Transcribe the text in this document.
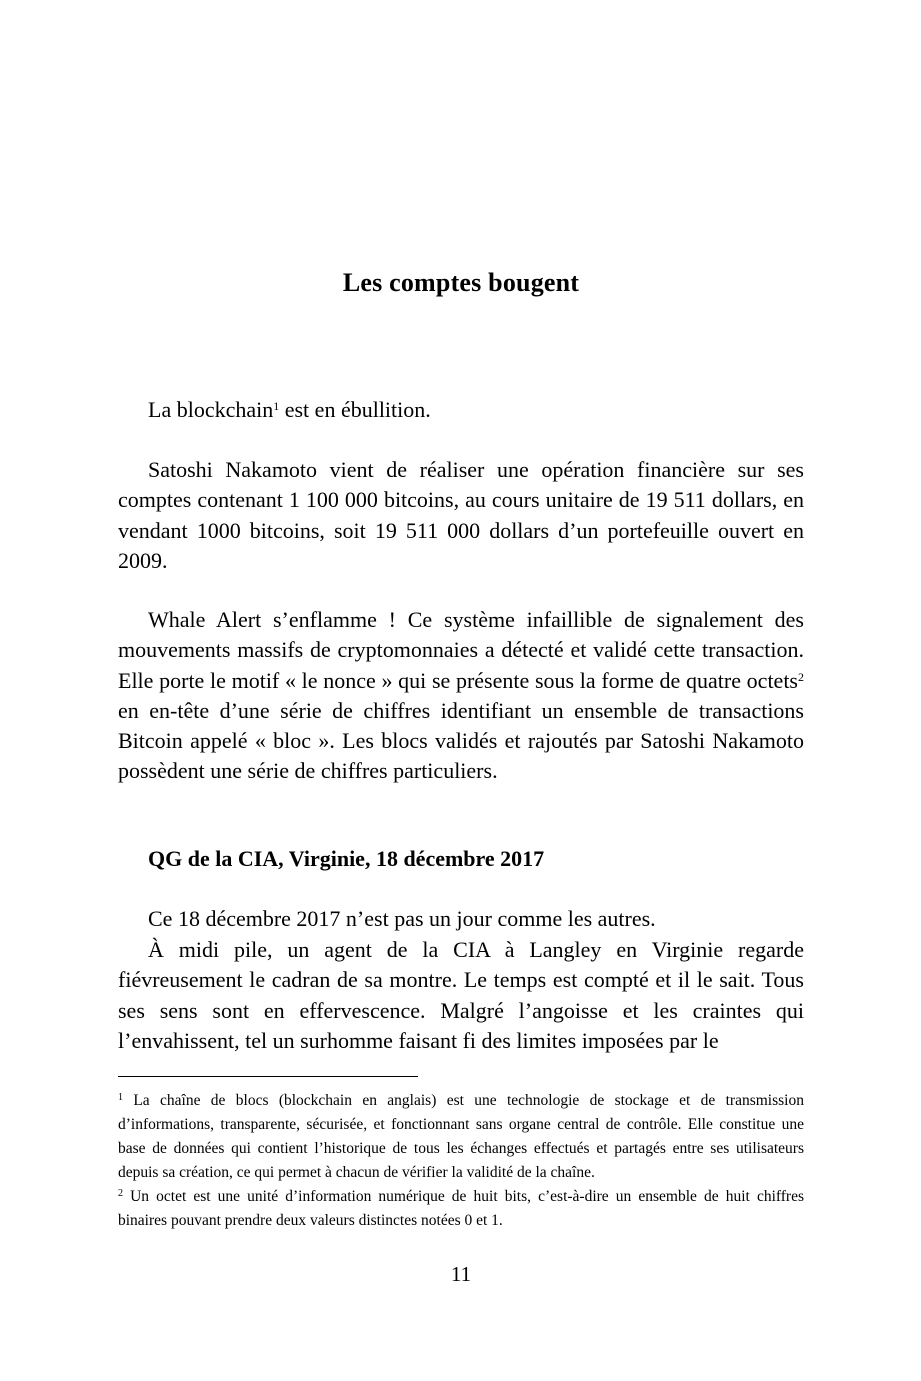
Les comptes bougent

La blockchain$^1$ est en ébullition.

Satoshi Nakamoto vient de réaliser une opération financière sur ses comptes contenant 1 100 000 bitcoins, au cours unitaire de 19 511 dollars, en vendant 1000 bitcoins, soit 19 511 000 dollars d’un portefeuille ouvert en 2009.

Whale Alert s’enflamme ! Ce système infaillible de signalement des mouvements massifs de cryptomonnaies a détecté et validé cette transaction. Elle porte le motif « le nonce » qui se présente sous la forme de quatre octets$^2$ en en-tête d’une série de chiffres identifiant un ensemble de transactions Bitcoin appelé « bloc ». Les blocs validés et rajoutés par Satoshi Nakamoto possèdent une série de chiffres particuliers.

QG de la CIA, Virginie, 18 décembre 2017

Ce 18 décembre 2017 n’est pas un jour comme les autres.

À midi pile, un agent de la CIA à Langley en Virginie regarde fiévreusement le cadran de sa montre. Le temps est compté et il le sait. Tous ses sens sont en effervescence. Malgré l’angoisse et les craintes qui l’envahissent, tel un surhomme faisant fi des limites imposées par le

$^1$ La chaîne de blocs (blockchain en anglais) est une technologie de stockage et de transmission d’informations, transparente, sécurisée, et fonctionnant sans organe central de contrôle. Elle constitue une base de données qui contient l’historique de tous les échanges effectués et partagés entre ses utilisateurs depuis sa création, ce qui permet à chacun de vérifier la validité de la chaîne.

$^2$ Un octet est une unité d’information numérique de huit bits, c’est-à-dire un ensemble de huit chiffres binaires pouvant prendre deux valeurs distinctes notées 0 et 1.

11
